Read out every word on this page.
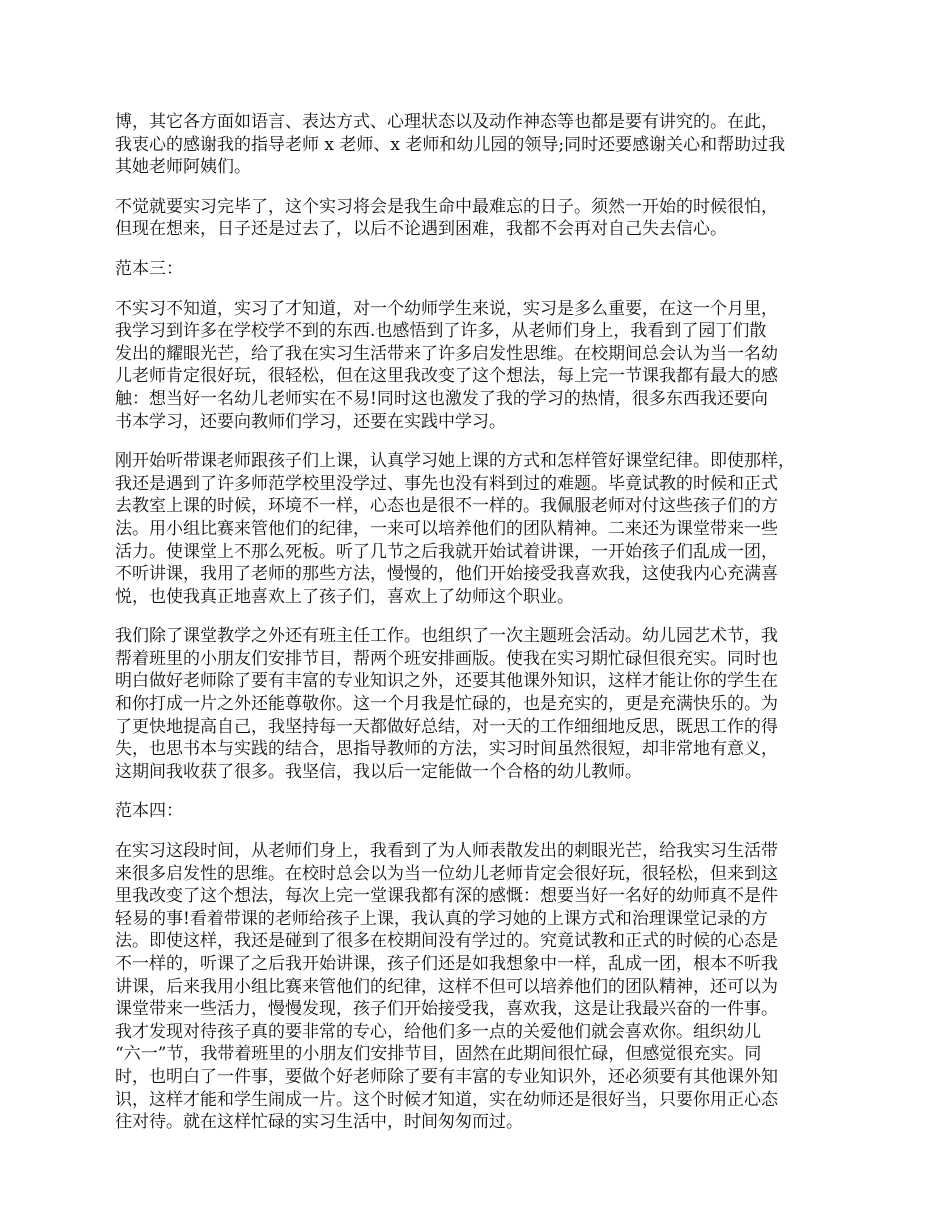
博，其它各方面如语言、表达方式、心理状态以及动作神态等也都是要有讲究的。在此，
我衷心的感谢我的指导老师 x 老师、x 老师和幼儿园的领导;同时还要感谢关心和帮助过我
其她老师阿姨们。

不觉就要实习完毕了，这个实习将会是我生命中最难忘的日子。须然一开始的时候很怕，
但现在想来，日子还是过去了，以后不论遇到困难，我都不会再对自己失去信心。

范本三：

不实习不知道，实习了才知道，对一个幼师学生来说，实习是多么重要，在这一个月里，
我学习到许多在学校学不到的东西.也感悟到了许多，从老师们身上，我看到了园丁们散
发出的耀眼光芒，给了我在实习生活带来了许多启发性思维。在校期间总会认为当一名幼
儿老师肯定很好玩，很轻松，但在这里我改变了这个想法，每上完一节课我都有最大的感
触：想当好一名幼儿老师实在不易!同时这也激发了我的学习的热情，很多东西我还要向
书本学习，还要向教师们学习，还要在实践中学习。

刚开始听带课老师跟孩子们上课，认真学习她上课的方式和怎样管好课堂纪律。即使那样，
我还是遇到了许多师范学校里没学过、事先也没有料到过的难题。毕竟试教的时候和正式
去教室上课的时候，环境不一样，心态也是很不一样的。我佩服老师对付这些孩子们的方
法。用小组比赛来管他们的纪律，一来可以培养他们的团队精神。二来还为课堂带来一些
活力。使课堂上不那么死板。听了几节之后我就开始试着讲课，一开始孩子们乱成一团，
不听讲课，我用了老师的那些方法，慢慢的，他们开始接受我喜欢我，这使我内心充满喜
悦，也使我真正地喜欢上了孩子们，喜欢上了幼师这个职业。

我们除了课堂教学之外还有班主任工作。也组织了一次主题班会活动。幼儿园艺术节，我
帮着班里的小朋友们安排节目，帮两个班安排画版。使我在实习期忙碌但很充实。同时也
明白做好老师除了要有丰富的专业知识之外，还要其他课外知识，这样才能让你的学生在
和你打成一片之外还能尊敬你。这一个月我是忙碌的，也是充实的，更是充满快乐的。为
了更快地提高自己，我坚持每一天都做好总结，对一天的工作细细地反思，既思工作的得
失，也思书本与实践的结合，思指导教师的方法，实习时间虽然很短，却非常地有意义，
这期间我收获了很多。我坚信，我以后一定能做一个合格的幼儿教师。

范本四：

在实习这段时间，从老师们身上，我看到了为人师表散发出的刺眼光芒，给我实习生活带
来很多启发性的思维。在校时总会以为当一位幼儿老师肯定会很好玩，很轻松，但来到这
里我改变了这个想法，每次上完一堂课我都有深的感慨：想要当好一名好的幼师真不是件
轻易的事!看着带课的老师给孩子上课，我认真的学习她的上课方式和治理课堂记录的方
法。即使这样，我还是碰到了很多在校期间没有学过的。究竟试教和正式的时候的心态是
不一样的，听课了之后我开始讲课，孩子们还是如我想象中一样，乱成一团，根本不听我
讲课，后来我用小组比赛来管他们的纪律，这样不但可以培养他们的团队精神，还可以为
课堂带来一些活力，慢慢发现，孩子们开始接受我，喜欢我，这是让我最兴奋的一件事。
我才发现对待孩子真的要非常的专心，给他们多一点的关爱他们就会喜欢你。组织幼儿
“六一”节，我带着班里的小朋友们安排节目，固然在此期间很忙碌，但感觉很充实。同
时，也明白了一件事，要做个好老师除了要有丰富的专业知识外，还必须要有其他课外知
识，这样才能和学生闹成一片。这个时候才知道，实在幼师还是很好当，只要你用正心态
往对待。就在这样忙碌的实习生活中，时间匆匆而过。
